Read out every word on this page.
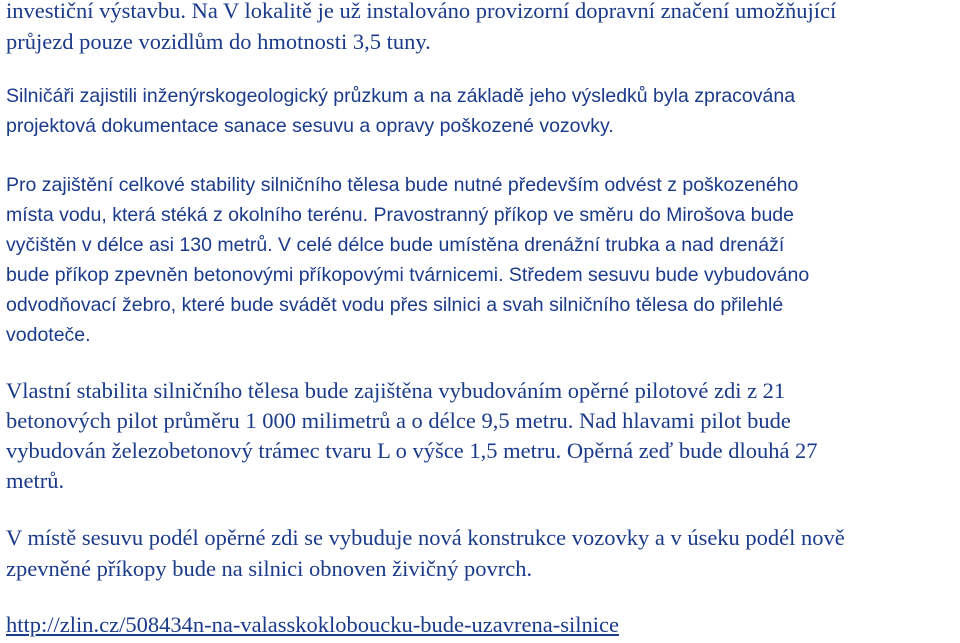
investiční výstavbu. Na V lokalitě je už instalováno provizorní dopravní značení umožňující
průjezd pouze vozidlům do hmotnosti 3,5 tuny.
Silničáři zajistili inženýrskogeologický průzkum a na základě jeho výsledků byla zpracována
projektová dokumentace sanace sesuvu a opravy poškozené vozovky.
Pro zajištění celkové stability silničního tělesa bude nutné především odvést z poškozeného
místa vodu, která stéká z okolního terénu. Pravostranný příkop ve směru do Mirošova bude
vyčištěn v délce asi 130 metrů. V celé délce bude umístěna drenážní trubka a nad drenáží
bude příkop zpevněn betonovými příkopovými tvárnicemi. Středem sesuvu bude vybudováno
odvodňovací žebro, které bude svádět vodu přes silnici a svah silničního tělesa do přilehlé
vodoteče.
Vlastní stabilita silničního tělesa bude zajištěna vybudováním opěrné pilotové zdi z 21
betonových pilot průměru 1 000 milimetrů a o délce 9,5 metru. Nad hlavami pilot bude
vybudován železobetonový trámec tvaru L o výšce 1,5 metru. Opěrná zeď bude dlouhá 27
metrů.
V místě sesuvu podél opěrné zdi se vybuduje nová konstrukce vozovky a v úseku podél nově
zpevněné příkopy bude na silnici obnoven živičný povrch.
http://zlin.cz/508434n-na-valasskokloboucku-bude-uzavrena-silnice
